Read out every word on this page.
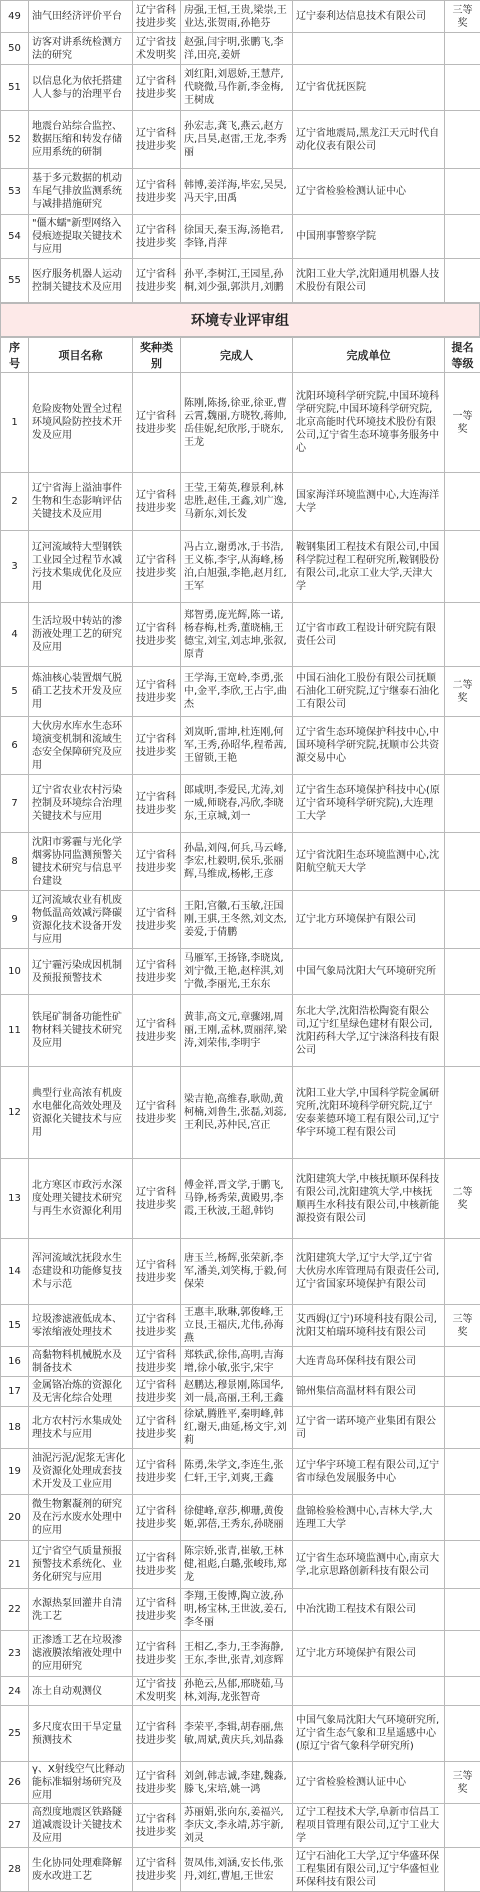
49	油气田经济评价平台	辽宁省科技进步奖	房强,王恒,王贵,梁崇,王业达,张贺雨,孙艳芬	辽宁泰利达信息技术有限公司	三等奖
50	访客对讲系统检测方法的研究	辽宁省技术发明奖	赵强,闫宇明,张鹏飞,李洋,田亮,姜妍		
51	以信息化为依托搭建人人参与的治理平台	辽宁省科技进步奖	刘红阳,刘恩娇,王慧芹,代晓微,马作新,李金梅,王树成	辽宁省优抚医院	
52	地震台站综合监控、数据压缩和转发存储应用系统的研制	辽宁省科技进步奖	孙宏志,龚飞,燕云,赵方庆,吕昊,赵雷,王龙,李秀丽	辽宁省地震局,黑龙江天元时代自动化仪表有限公司	
53	基于多元数据的机动车尾气排放监测系统与减排措施研究	辽宁省科技进步奖	韩博,姜洋海,毕宏,吴昊,冯天宇,田禹	辽宁省检验检测认证中心	
54	"僵木蠕"新型网络入侵痕迹提取关键技术与应用	辽宁省科技进步奖	徐国天,秦玉海,汤艳君,李锋,肖萍	中国刑事警察学院	
55	医疗服务机器人运动控制关键技术及应用	辽宁省科技进步奖	孙平,李树江,王园星,孙桐,刘少强,郭洪月,刘鹏	沈阳工业大学,沈阳通用机器人技术股份有限公司	
环境专业评审组
序号	项目名称	奖种类别	完成人	完成单位	提名等级
1	危险废物处置全过程环境风险防控技术开发及应用	辽宁省科技进步奖	陈刚,陈扬,徐亚,徐亚,曹云霄,魏丽,方晓牧,蒋帅,岳佳妮,纪欣彤,于晓东,王龙	沈阳环境科学研究院,中国环境科学研究院,中国环境科学研究院,北京高能时代环境技术股份有限公司,辽宁省生态环境事务服务中心	一等奖
2	辽宁省海上溢油事件生物和生态影响评估关键技术及应用	辽宁省科技进步奖	王莹,王菊英,穆景利,林忠胜,赵佳,王鑫,刘广逸,马新东,刘长发	国家海洋环境监测中心,大连海洋大学	
3	辽河流域特大型钢铁工业园全过程节水减污技术集成优化及应用	辽宁省科技进步奖	冯占立,谢勇冰,于书浩,王义栋,李宇,从海峰,杨泊,白旭强,李艳,赵月红,王军	鞍钢集团工程技术有限公司,中国科学院过程工程研究所,鞍钢股份有限公司,北京工业大学,天津大学	
4	生活垃圾中转站的渗沥液处理工艺的研究及应用	辽宁省科技进步奖	郑智勇,庞光辉,陈一诺,杨春梅,杜秀,董晓楠,王德宝,刘宝,刘志坤,张叙,原青	辽宁省市政工程设计研究院有限责任公司	
5	炼油核心装置烟气脱硝工艺技术开发及应用	辽宁省科技进步奖	王学海,王宽岭,李勇,张中,金平,李欣,王占宇,曲杰	中国石油化工股份有限公司抚顺石油化工研究院,辽宁继泰石油化工有限公司	二等奖
6	大伙房水库水生态环境演变机制和流域生态安全保障研究及应用	辽宁省科技进步奖	刘岚昕,雷坤,杜连刚,何军,王秀,孙昭华,程希茜,王留锁,王艳	辽宁省生态环境保护科技中心,中国环境科学研究院,抚顺市公共资源交易中心	
7	辽宁省农业农村污染控制及环境综合治理关键技术与应用	辽宁省科技进步奖	郎咸明,李爱民,尤涛,刘一威,师晓春,冯欣,李晓东,王京城,刘一	辽宁省生态环境保护科技中心(原辽宁省环境科学研究院),大连理工大学	
8	沈阳市雾霾与光化学烟雾协同监测预警关键技术研究与信息平台建设	辽宁省科技进步奖	孙晶,刘闯,何兵,马云峰,李宏,杜毅明,侯乐,张丽辉,马维成,杨彬,王彦	辽宁省沈阳生态环境监测中心,沈阳航空航天大学	
9	辽河流域农业有机废物低温高效减污降碳资源化技术设备开发与应用	辽宁省科技进步奖	王阳,宫徽,石玉敏,汪国刚,王骐,王冬然,刘文杰,姜爱,于倩鹏	辽宁北方环境保护有限公司	
10	辽宁霾污染成因机制及预报预警技术	辽宁省科技进步奖	马雁军,王扬锋,李晓岚,刘宁微,王艳,赵梓淇,刘宁微,李丽光,王东东	中国气象局沈阳大气环境研究所	
11	铁尾矿制备功能性矿物材料关键技术研究及应用	辽宁省科技进步奖	黄菲,高文元,章骤翊,周丽,王刚,孟林,贾丽萍,梁涛,刘荣伟,李明宇	东北大学,沈阳浩松陶瓷有限公司,辽宁红星绿色建材有限公司,沈阳药科大学,辽宁涞洛科技有限公司	
12	典型行业高浓有机废水电催化高效处理及资源化关键技术与应用	辽宁省科技进步奖	梁吉艳,高维春,耿勋,黄柯楠,刘鲁生,张磊,刘蕊,王利民,苏仲民,宫正	沈阳工业大学,中国科学院金属研究所,沈阳环境科学研究院,辽宁安泰莱德环境工程有限公司,辽宁华宇环境工程有限公司	
13	北方寒区市政污水深度处理关键技术研究与再生水资源化利用	辽宁省科技进步奖	傅金祥,晋文学,于鹏飞,马铮,杨秀荣,黄殿男,李霞,王秋波,王超,韩钧	沈阳建筑大学,中核抚顺环保科技有限公司,沈阳建筑大学,中核抚顺再生水科技有限公司,中核新能源投资有限公司	二等奖
14	浑河流域沈抚段水生态建设和功能修复技术与示范	辽宁省科技进步奖	唐玉兰,杨辉,张荣新,李军,潘美,刘笑梅,于毅,何保荣	沈阳建筑大学,辽宁大学,辽宁省大伙房水库管理局有限责任公司,辽宁省国家环境保护有限公司	
15	垃圾渗滤液低成本、零浓缩液处理技术	辽宁省科技进步奖	王惠丰,耿琳,郭俊峰,王立艮,王福庆,尤伟,孙海燕	艾西姆(辽宁)环境科技有限公司,沈阳艾柏瑞环境科技有限公司	三等奖
16	高黏物料机械脱水及制备技术	辽宁省科技进步奖	郑轶武,徐伟,高明,吉海增,徐小敏,张宇,宋宇	大连青岛环保科技有限公司	
17	金属铬冶炼的资源化及无害化综合处理	辽宁省科技进步奖	赵鹏达,穆景刚,陈国华,刘一晨,高丽,王利,王鑫	锦州集信高温材料有限公司	
18	北方农村污水集成处理技术与应用	辽宁省科技进步奖	徐斌,腾胜平,秦明峰,韩红,谢天,曲延,杨文宇,刘莉	辽宁省一诺环境产业集团有限公司	
19	油泥污泥/泥浆无害化及资源化处理成套技术开发及工业应用	辽宁省科技进步奖	陈勇,朱学文,李连生,张仁轩,王宇,刘爽,王鑫	辽宁华宇环境工程有限公司,辽宁省市绿色发展服务中心	
20	微生物絮凝剂的研究及在污水废水处理中的应用	辽宁省科技进步奖	徐健峰,章莎,柳珊,黄俊姬,郭蓓,王秀东,孙晓丽	盘锦检验检测中心,吉林大学,大连理工大学	
21	辽宁省空气质量预报预警技术系统化、业务化研究与应用	辽宁省科技进步奖	陈宗娇,张青,崔敏,王林健,祖彪,白璐,张峻玮,郑龙	辽宁省生态环境监测中心,南京大学,北京思路创新科技有限公司	
22	水源热泵回灌井自清洗工艺	辽宁省科技进步奖	李翔,王俊博,陶立波,孙明,杨宝林,王世波,姜石,李冬丽	中冶沈勘工程技术有限公司	
23	正渗透工艺在垃圾渗滤液膜浓缩液处理中的应用研究	辽宁省科技进步奖	王相乙,李力,王李海静,王东,李世,张青,刘彦辉	辽宁北方环境保护有限公司	
24	冻土自动观测仪	辽宁省技术发明奖	孙艳云,丛郁,邢晓茹,马林,刘海,龙张智奇		
25	多尺度农田干旱定量预测技术	辽宁省科技进步奖	李荣平,李辑,胡春丽,焦敏,周斌,黄庆兵,刘晶淼	中国气象局沈阳大气环境研究所,辽宁省生态气象和卫星遥感中心(原辽宁省气象科学研究所)	
26	γ、X射线空气比释动能标准辐射场研究及应用	辽宁省科技进步奖	刘剑,韩志诚,李建,魏淼,滕飞,宋培,姚一鸿	辽宁省检验检测认证中心	三等奖
27	高烈度地震区铁路隧道减震设计关键技术及应用	辽宁省科技进步奖	苏丽娟,张向东,姜福兴,李庆文,李永靖,苏宇新,刘灵	辽宁工程技术大学,阜新市信昌工程项目管理有限公司,辽宁工业大学	
28	生化协同处理难降解废水改进工艺	辽宁省科技进步奖	贺凤伟,刘涵,安长伟,张丹,刘红,曹旭,王世宏	辽宁石油化工大学,辽宁华盛环保工程集团有限公司,辽宁华盛恒业环保科技有限公司	
